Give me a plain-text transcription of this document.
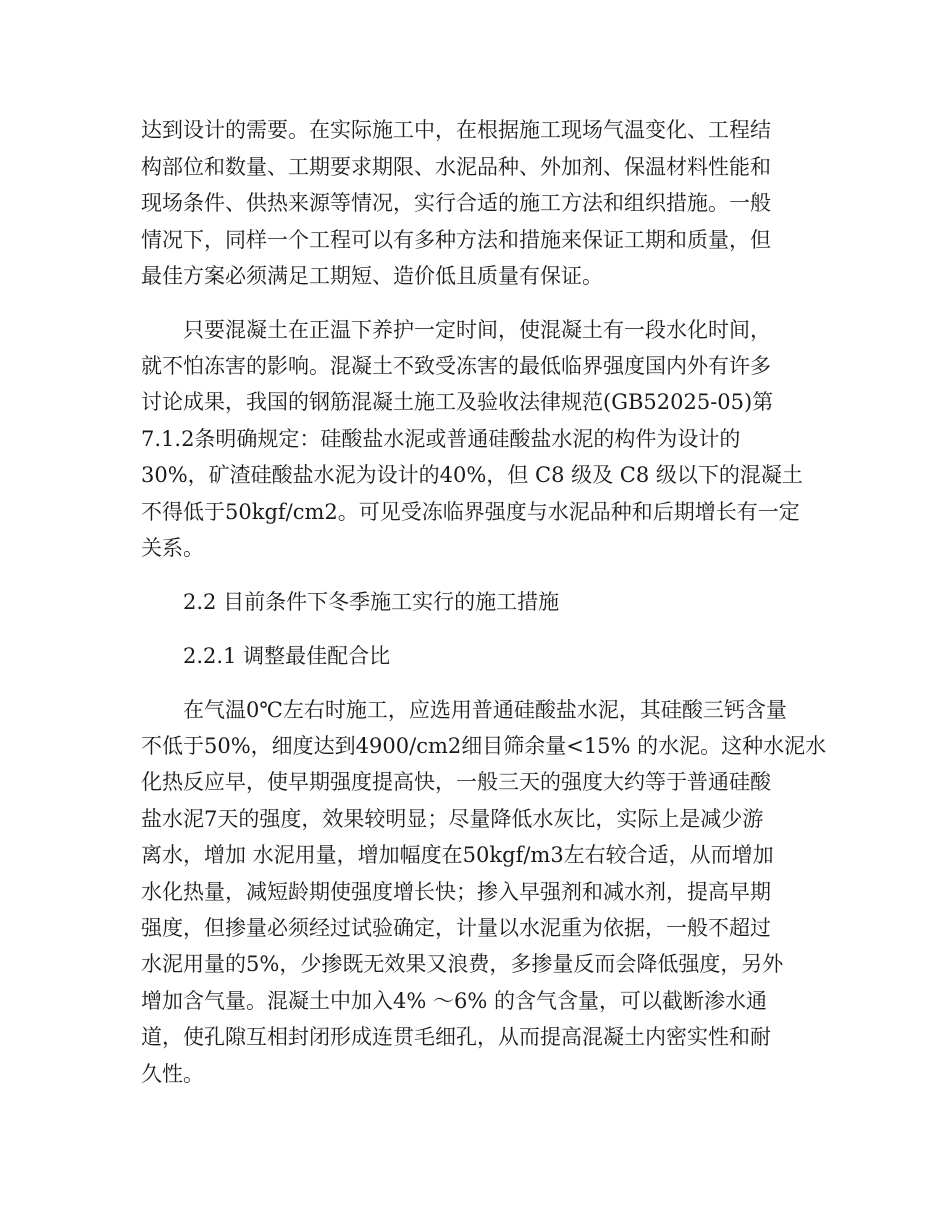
达到设计的需要。在实际施工中，在根据施工现场气温变化、工程结

构部位和数量、工期要求期限、水泥品种、外加剂、保温材料性能和

现场条件、供热来源等情况，实行合适的施工方法和组织措施。一般

情况下，同样一个工程可以有多种方法和措施来保证工期和质量，但

最佳方案必须满足工期短、造价低且质量有保证。

只要混凝土在正温下养护一定时间，使混凝土有一段水化时间，

就不怕冻害的影响。混凝土不致受冻害的最低临界强度国内外有许多

讨论成果，我国的钢筋混凝土施工及验收法律规范(GB52025-05)第

7.1.2条明确规定：硅酸盐水泥或普通硅酸盐水泥的构件为设计的

30%，矿渣硅酸盐水泥为设计的40%，但 C8 级及 C8 级以下的混凝土

不得低于50kgf/cm2。可见受冻临界强度与水泥品种和后期增长有一定

关系。

2.2 目前条件下冬季施工实行的施工措施

2.2.1 调整最佳配合比

在气温0℃左右时施工，应选用普通硅酸盐水泥，其硅酸三钙含量

不低于50%，细度达到4900/cm2细目筛余量<15% 的水泥。这种水泥水

化热反应早，使早期强度提高快，一般三天的强度大约等于普通硅酸

盐水泥7天的强度，效果较明显；尽量降低水灰比，实际上是减少游

离水，增加 水泥用量，增加幅度在50kgf/m3左右较合适，从而增加

水化热量，减短龄期使强度增长快；掺入早强剂和减水剂，提高早期

强度，但掺量必须经过试验确定，计量以水泥重为依据，一般不超过

水泥用量的5%，少掺既无效果又浪费，多掺量反而会降低强度，另外

增加含气量。混凝土中加入4% ～6% 的含气含量，可以截断渗水通

道，使孔隙互相封闭形成连贯毛细孔，从而提高混凝土内密实性和耐

久性。
